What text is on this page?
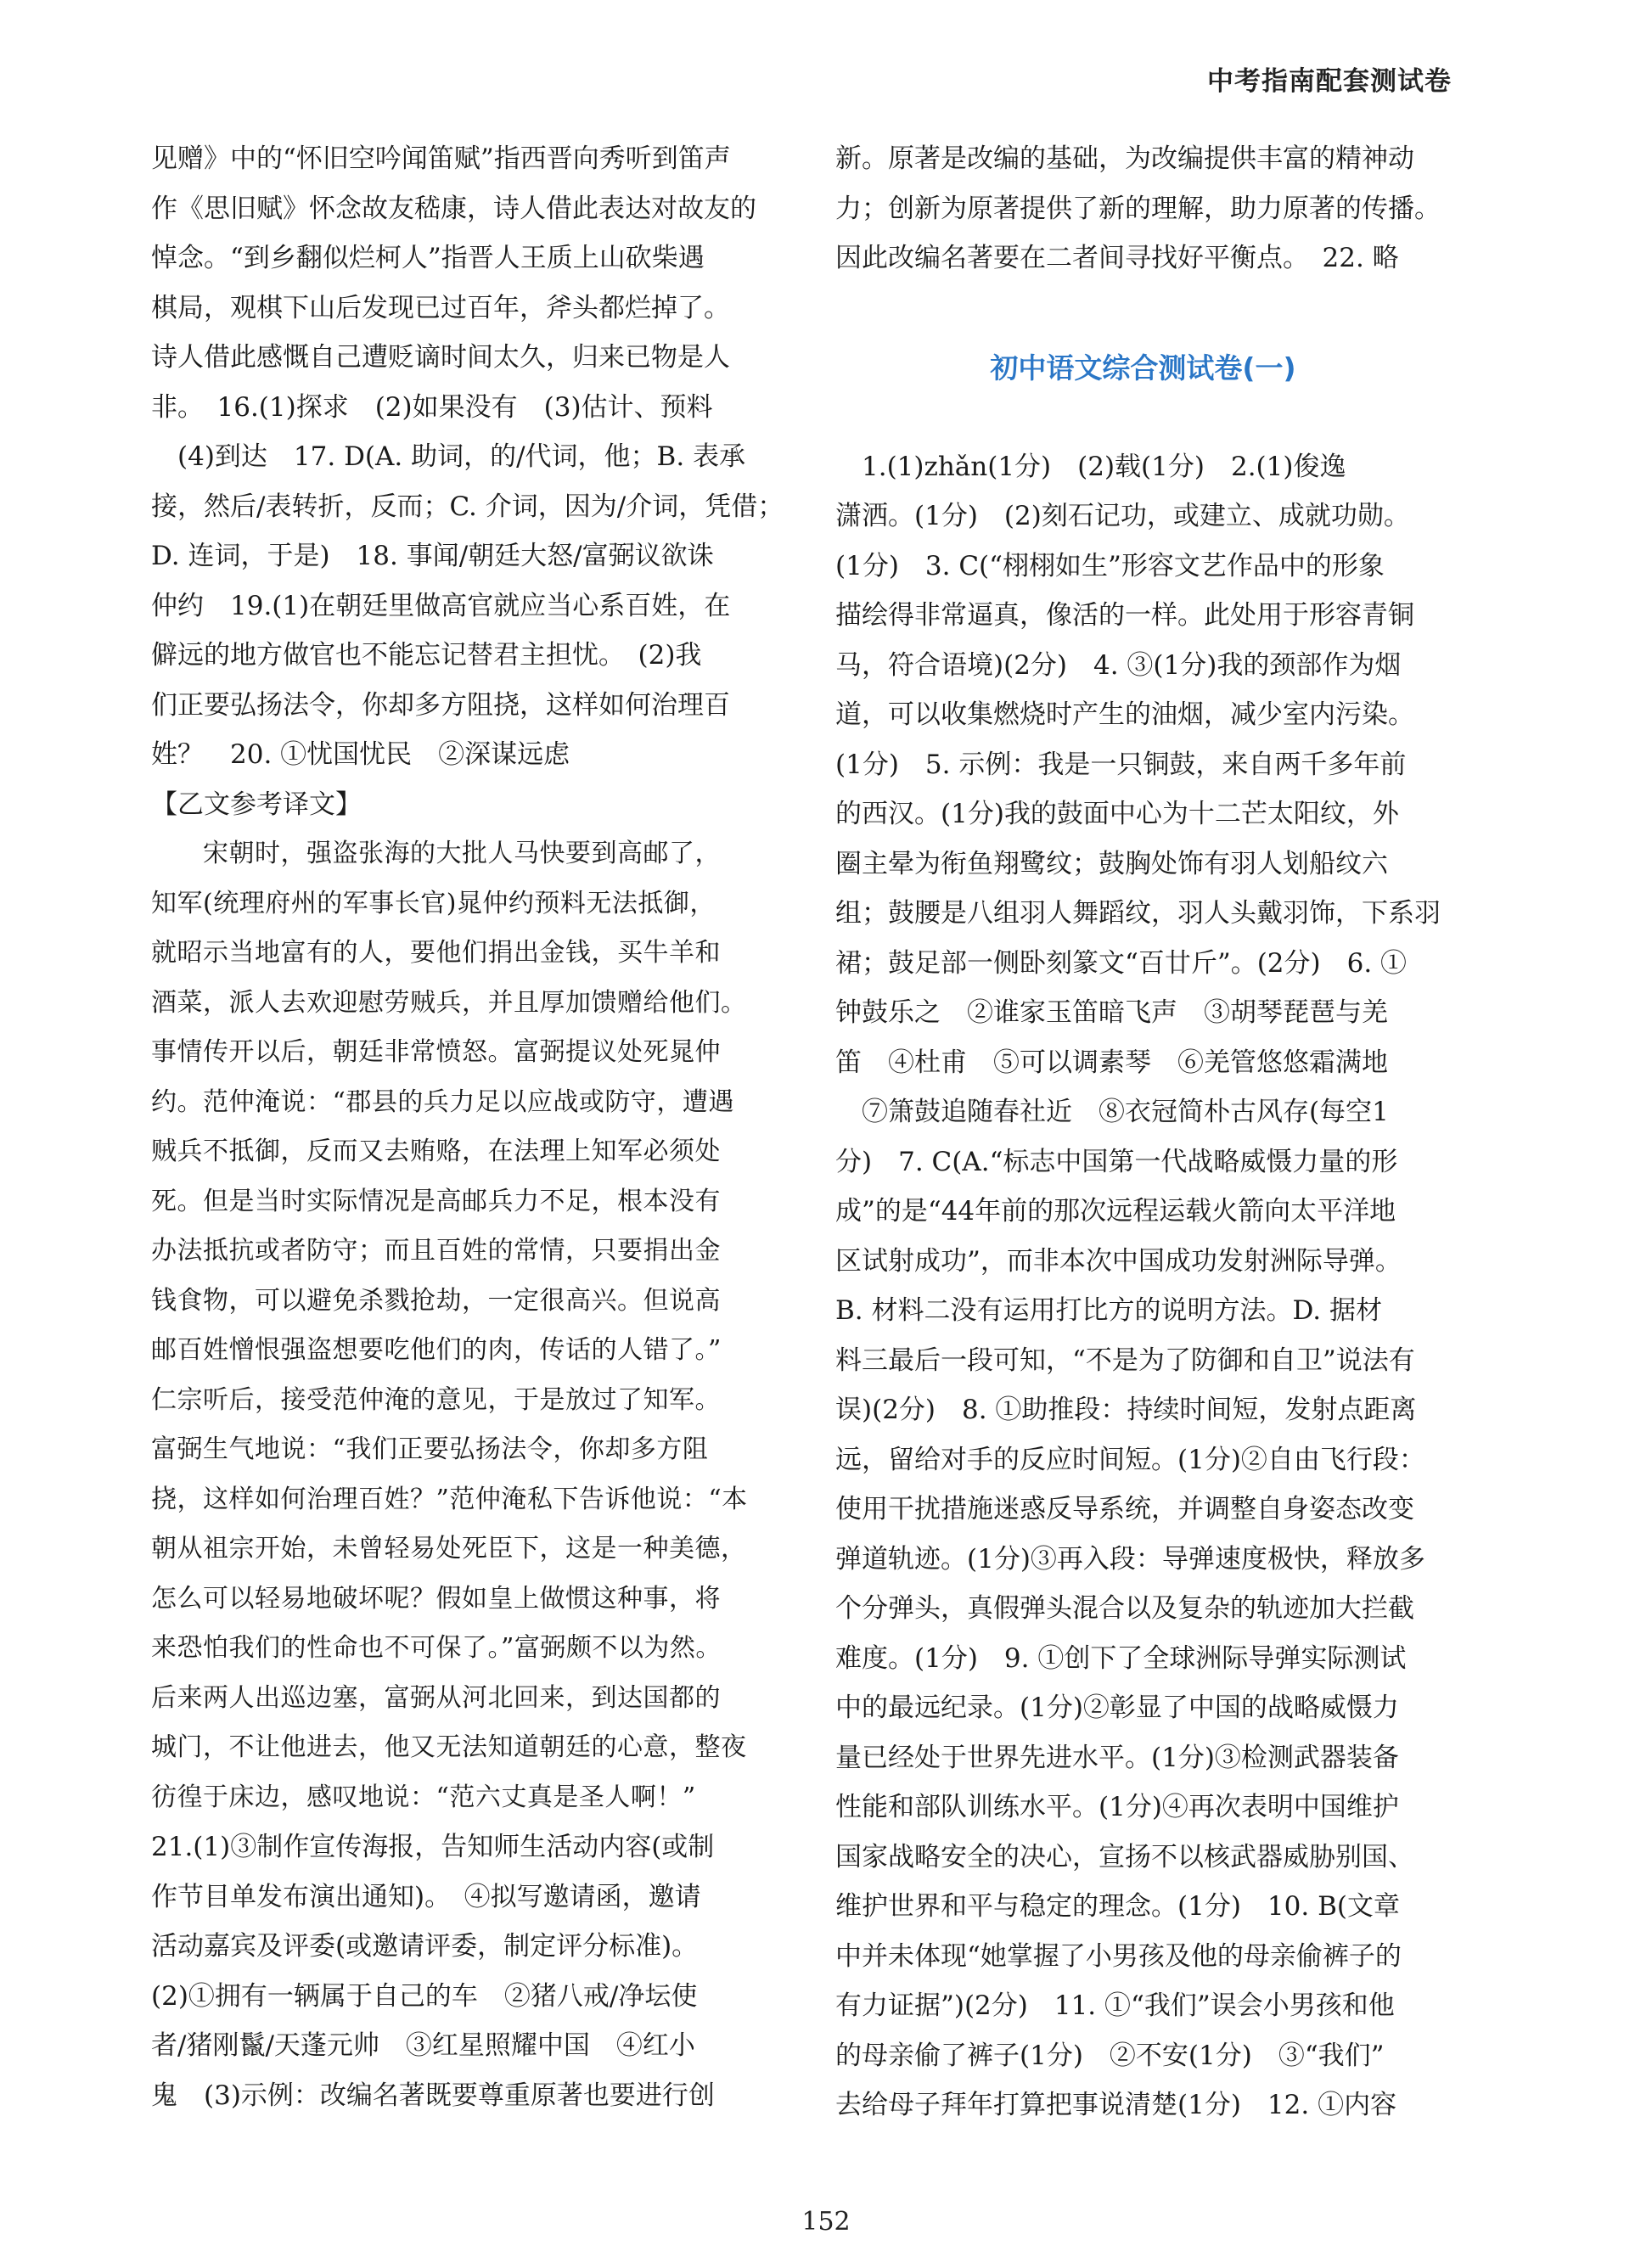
中考指南配套测试卷
见赠》中的“怀旧空吟闻笛赋”指西晋向秀听到笛声
作《思旧赋》怀念故友嵇康，诗人借此表达对故友的
悼念。“到乡翻似烂柯人”指晋人王质上山砍柴遇
棋局，观棋下山后发现已过百年，斧头都烂掉了。
诗人借此感慨自己遭贬谪时间太久，归来已物是人
非。　16.(1)探求　(2)如果没有　(3)估计、预料
　(4)到达　17. D(A. 助词，的/代词，他；B. 表承
接，然后/表转折，反而；C. 介词，因为/介词，凭借；
D. 连词，于是)　18. 事闻/朝廷大怒/富弼议欲诛
仲约　19.(1)在朝廷里做高官就应当心系百姓，在
僻远的地方做官也不能忘记替君主担忧。　(2)我
们正要弘扬法令，你却多方阻挠，这样如何治理百
姓？　20. ①忧国忧民　②深谋远虑
【乙文参考译文】
　　宋朝时，强盗张海的大批人马快要到高邮了，
知军(统理府州的军事长官)晁仲约预料无法抵御，
就昭示当地富有的人，要他们捐出金钱，买牛羊和
酒菜，派人去欢迎慰劳贼兵，并且厚加馈赠给他们。
事情传开以后，朝廷非常愤怒。富弼提议处死晁仲
约。范仲淹说：“郡县的兵力足以应战或防守，遭遇
贼兵不抵御，反而又去贿赂，在法理上知军必须处
死。但是当时实际情况是高邮兵力不足，根本没有
办法抵抗或者防守；而且百姓的常情，只要捐出金
钱食物，可以避免杀戮抢劫，一定很高兴。但说高
邮百姓憎恨强盗想要吃他们的肉，传话的人错了。”
仁宗听后，接受范仲淹的意见，于是放过了知军。
富弼生气地说：“我们正要弘扬法令，你却多方阻
挠，这样如何治理百姓？”范仲淹私下告诉他说：“本
朝从祖宗开始，未曾轻易处死臣下，这是一种美德，
怎么可以轻易地破坏呢？假如皇上做惯这种事，将
来恐怕我们的性命也不可保了。”富弼颇不以为然。
后来两人出巡边塞，富弼从河北回来，到达国都的
城门，不让他进去，他又无法知道朝廷的心意，整夜
彷徨于床边，感叹地说：“范六丈真是圣人啊！”
21.(1)③制作宣传海报，告知师生活动内容(或制
作节目单发布演出通知)。　④拟写邀请函，邀请
活动嘉宾及评委(或邀请评委，制定评分标准)。
(2)①拥有一辆属于自己的车　②猪八戒/净坛使
者/猪刚鬣/天蓬元帅　③红星照耀中国　④红小
鬼　(3)示例：改编名著既要尊重原著也要进行创
新。原著是改编的基础，为改编提供丰富的精神动
力；创新为原著提供了新的理解，助力原著的传播。
因此改编名著要在二者间寻找好平衡点。　22. 略
初中语文综合测试卷(一)
　1.(1)zhǎn(1分)　(2)载(1分)　2.(1)俊逸
潇洒。(1分)　(2)刻石记功，或建立、成就功勋。
(1分)　3. C(“栩栩如生”形容文艺作品中的形象
描绘得非常逼真，像活的一样。此处用于形容青铜
马，符合语境)(2分)　4. ③(1分)我的颈部作为烟
道，可以收集燃烧时产生的油烟，减少室内污染。
(1分)　5. 示例：我是一只铜鼓，来自两千多年前
的西汉。(1分)我的鼓面中心为十二芒太阳纹，外
圈主晕为衔鱼翔鹭纹；鼓胸处饰有羽人划船纹六
组；鼓腰是八组羽人舞蹈纹，羽人头戴羽饰，下系羽
裙；鼓足部一侧卧刻篆文“百廿斤”。(2分)　6. ①
钟鼓乐之　②谁家玉笛暗飞声　③胡琴琵琶与羌
笛　④杜甫　⑤可以调素琴　⑥羌管悠悠霜满地
　⑦箫鼓追随春社近　⑧衣冠简朴古风存(每空1
分)　7. C(A.“标志中国第一代战略威慑力量的形
成”的是“44年前的那次远程运载火箭向太平洋地
区试射成功”，而非本次中国成功发射洲际导弹。
B. 材料二没有运用打比方的说明方法。D. 据材
料三最后一段可知，“不是为了防御和自卫”说法有
误)(2分)　8. ①助推段：持续时间短，发射点距离
远，留给对手的反应时间短。(1分)②自由飞行段：
使用干扰措施迷惑反导系统，并调整自身姿态改变
弹道轨迹。(1分)③再入段：导弹速度极快，释放多
个分弹头，真假弹头混合以及复杂的轨迹加大拦截
难度。(1分)　9. ①创下了全球洲际导弹实际测试
中的最远纪录。(1分)②彰显了中国的战略威慑力
量已经处于世界先进水平。(1分)③检测武器装备
性能和部队训练水平。(1分)④再次表明中国维护
国家战略安全的决心，宣扬不以核武器威胁别国、
维护世界和平与稳定的理念。(1分)　10. B(文章
中并未体现“她掌握了小男孩及他的母亲偷裤子的
有力证据”)(2分)　11. ①“我们”误会小男孩和他
的母亲偷了裤子(1分)　②不安(1分)　③“我们”
去给母子拜年打算把事说清楚(1分)　12. ①内容
152
